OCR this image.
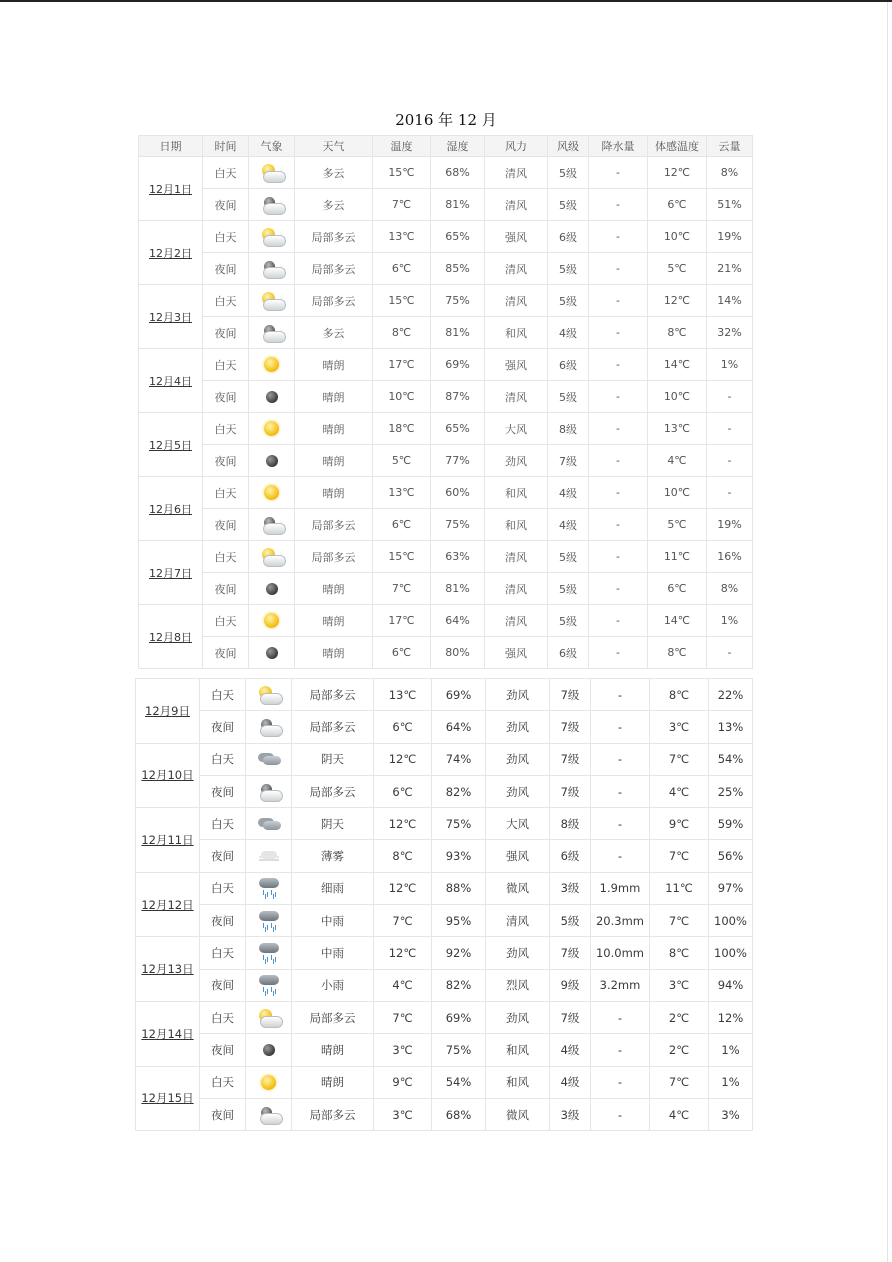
2016 年 12 月
日期	时间	气象	天气	温度	湿度	风力	风级	降水量	体感温度	云量
12月1日	白天		多云	15℃	68%	清风	5级	-	12℃	8%
	夜间		多云	7℃	81%	清风	5级	-	6℃	51%
12月2日	白天		局部多云	13℃	65%	强风	6级	-	10℃	19%
	夜间		局部多云	6℃	85%	清风	5级	-	5℃	21%
12月3日	白天		局部多云	15℃	75%	清风	5级	-	12℃	14%
	夜间		多云	8℃	81%	和风	4级	-	8℃	32%
12月4日	白天		晴朗	17℃	69%	强风	6级	-	14℃	1%
	夜间		晴朗	10℃	87%	清风	5级	-	10℃	-
12月5日	白天		晴朗	18℃	65%	大风	8级	-	13℃	-
	夜间		晴朗	5℃	77%	劲风	7级	-	4℃	-
12月6日	白天		晴朗	13℃	60%	和风	4级	-	10℃	-
	夜间		局部多云	6℃	75%	和风	4级	-	5℃	19%
12月7日	白天		局部多云	15℃	63%	清风	5级	-	11℃	16%
	夜间		晴朗	7℃	81%	清风	5级	-	6℃	8%
12月8日	白天		晴朗	17℃	64%	清风	5级	-	14℃	1%
	夜间		晴朗	6℃	80%	强风	6级	-	8℃	-
12月9日	白天		局部多云	13℃	69%	劲风	7级	-	8℃	22%
	夜间		局部多云	6℃	64%	劲风	7级	-	3℃	13%
12月10日	白天		阴天	12℃	74%	劲风	7级	-	7℃	54%
	夜间		局部多云	6℃	82%	劲风	7级	-	4℃	25%
12月11日	白天		阴天	12℃	75%	大风	8级	-	9℃	59%
	夜间		薄雾	8℃	93%	强风	6级	-	7℃	56%
12月12日	白天		细雨	12℃	88%	微风	3级	1.9mm	11℃	97%
	夜间		中雨	7℃	95%	清风	5级	20.3mm	7℃	100%
12月13日	白天		中雨	12℃	92%	劲风	7级	10.0mm	8℃	100%
	夜间		小雨	4℃	82%	烈风	9级	3.2mm	3℃	94%
12月14日	白天		局部多云	7℃	69%	劲风	7级	-	2℃	12%
	夜间		晴朗	3℃	75%	和风	4级	-	2℃	1%
12月15日	白天		晴朗	9℃	54%	和风	4级	-	7℃	1%
	夜间		局部多云	3℃	68%	微风	3级	-	4℃	3%
